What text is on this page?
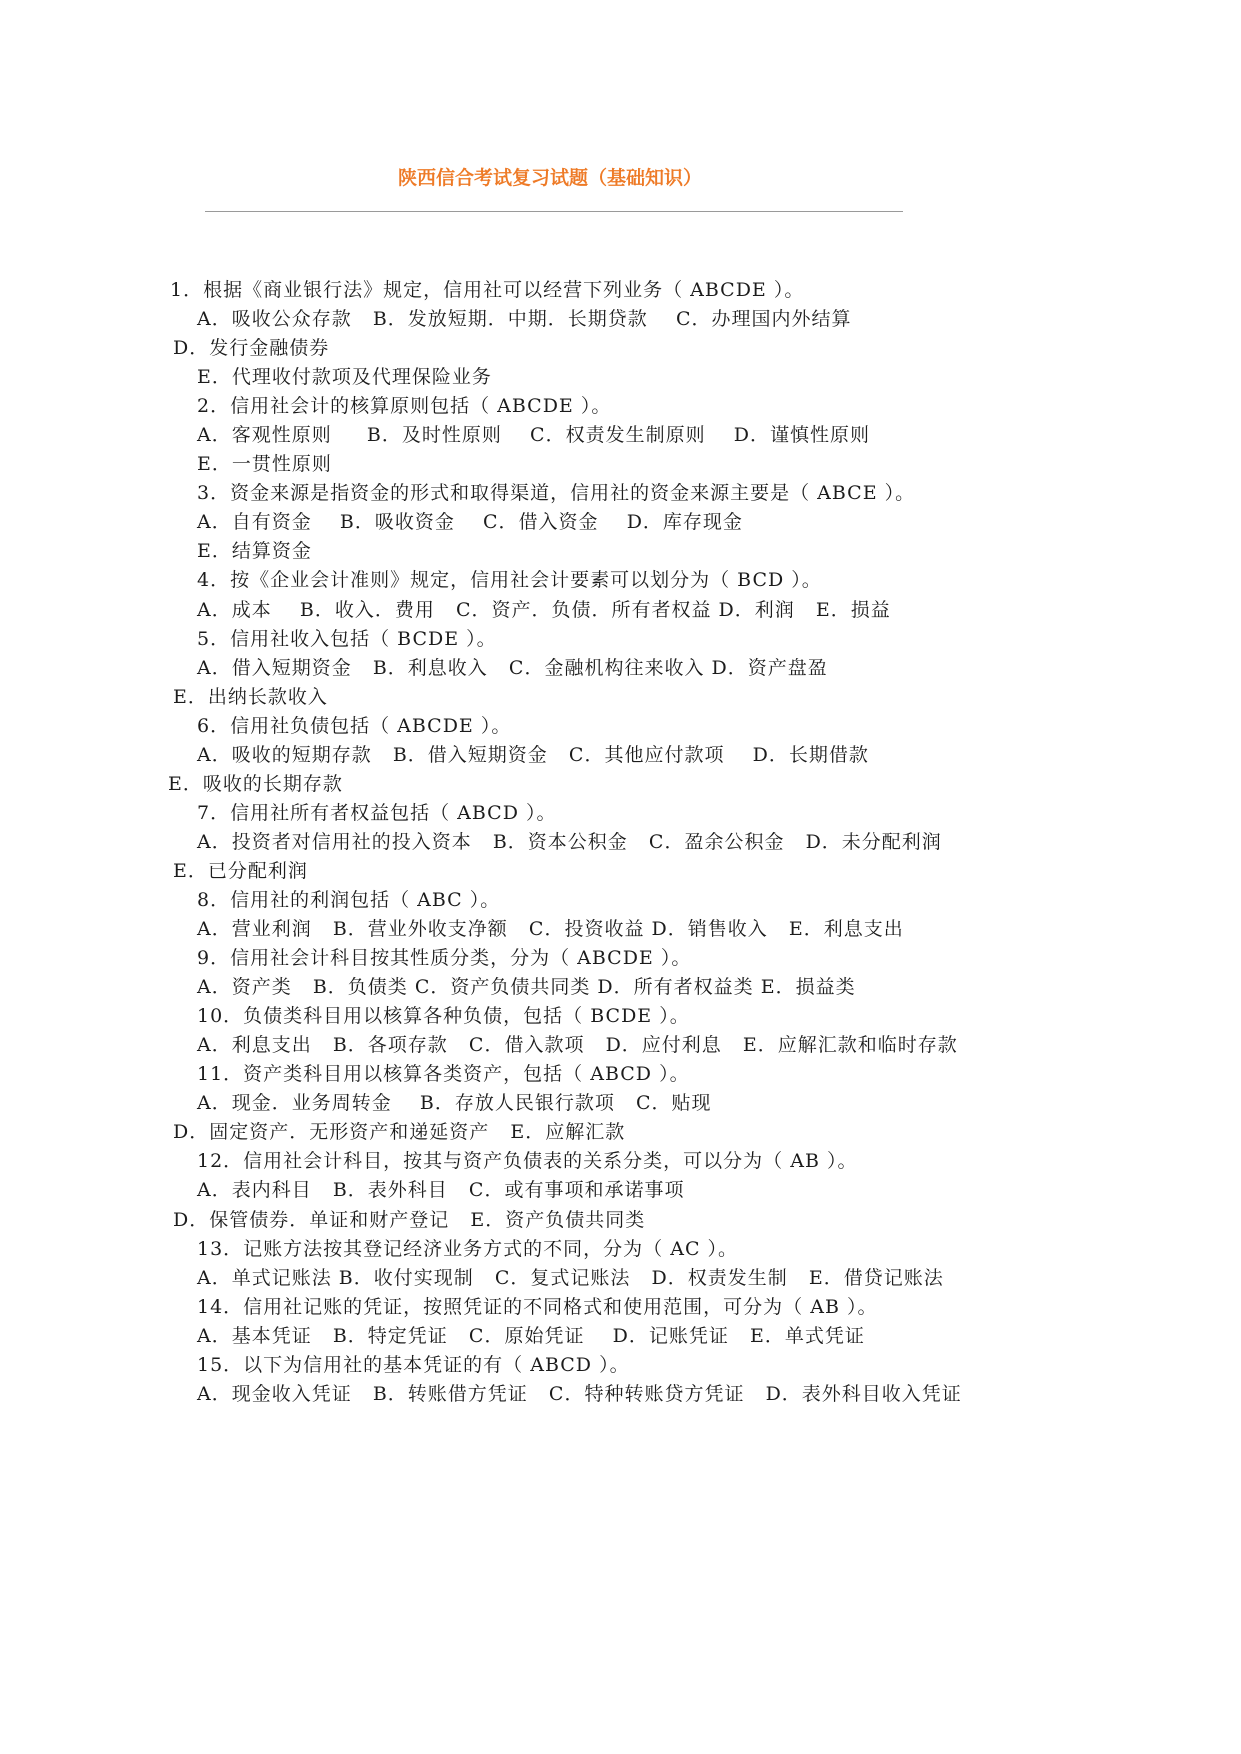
陕西信合考试复习试题（基础知识）
1．根据《商业银行法》规定，信用社可以经营下列业务（ ABCDE ）。
A．吸收公众存款   B．发放短期．中期．长期贷款    C．办理国内外结算
D．发行金融债券
E．代理收付款项及代理保险业务
2．信用社会计的核算原则包括（ ABCDE ）。
A．客观性原则     B．及时性原则    C．权责发生制原则    D．谨慎性原则
E．一贯性原则
3．资金来源是指资金的形式和取得渠道，信用社的资金来源主要是（ ABCE ）。
A．自有资金    B．吸收资金    C．借入资金    D．库存现金
E．结算资金
4．按《企业会计准则》规定，信用社会计要素可以划分为（ BCD ）。
A．成本    B．收入．费用   C．资产．负债．所有者权益 D．利润   E．损益
5．信用社收入包括（ BCDE ）。
A．借入短期资金   B．利息收入   C．金融机构往来收入 D．资产盘盈
E．出纳长款收入
6．信用社负债包括（ ABCDE ）。
A．吸收的短期存款   B．借入短期资金   C．其他应付款项    D．长期借款
E．吸收的长期存款
7．信用社所有者权益包括（ ABCD ）。
A．投资者对信用社的投入资本   B．资本公积金   C．盈余公积金   D．未分配利润
E．已分配利润
8．信用社的利润包括（ ABC ）。
A．营业利润   B．营业外收支净额   C．投资收益 D．销售收入   E．利息支出
9．信用社会计科目按其性质分类，分为（ ABCDE ）。
A．资产类   B．负债类 C．资产负债共同类 D．所有者权益类 E．损益类
10．负债类科目用以核算各种负债，包括（ BCDE ）。
A．利息支出   B．各项存款   C．借入款项   D．应付利息   E．应解汇款和临时存款
11．资产类科目用以核算各类资产，包括（ ABCD ）。
A．现金．业务周转金    B．存放人民银行款项   C．贴现
D．固定资产．无形资产和递延资产   E．应解汇款
12．信用社会计科目，按其与资产负债表的关系分类，可以分为（ AB ）。
A．表内科目   B．表外科目   C．或有事项和承诺事项
D．保管债券．单证和财产登记   E．资产负债共同类
13．记账方法按其登记经济业务方式的不同，分为（ AC ）。
A．单式记账法 B．收付实现制   C．复式记账法   D．权责发生制   E．借贷记账法
14．信用社记账的凭证，按照凭证的不同格式和使用范围，可分为（ AB ）。
A．基本凭证   B．特定凭证   C．原始凭证    D．记账凭证   E．单式凭证
15．以下为信用社的基本凭证的有（ ABCD ）。
A．现金收入凭证   B．转账借方凭证   C．特种转账贷方凭证   D．表外科目收入凭证
